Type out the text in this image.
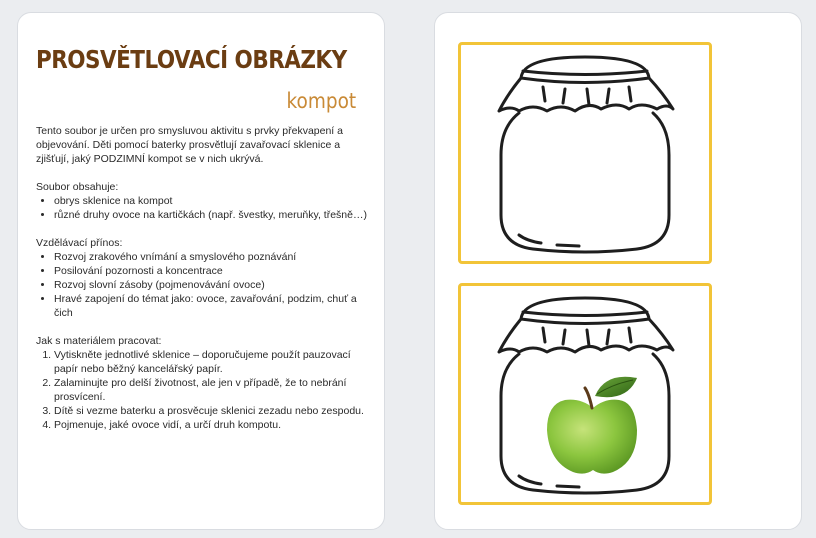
PROSVĚTLOVACÍ OBRÁZKY
kompot

Tento soubor je určen pro smysluvou aktivitu s prvky překvapení a objevování. Děti pomocí baterky prosvětlují zavařovací sklenice a zjišťují, jaký PODZIMNÍ kompot se v nich ukrývá.

Soubor obsahuje:
• obrys sklenice na kompot
• různé druhy ovoce na kartičkách (např. švestky, meruňky, třešně…)
Vzdělávací přínos:
• Rozvoj zrakového vnímání a smyslového poznávání
• Posilování pozornosti a koncentrace
• Rozvoj slovní zásoby (pojmenovávání ovoce)
• Hravé zapojení do témat jako: ovoce, zavařování, podzim, chuť a čich
Jak s materiálem pracovat:
1. Vytiskněte jednotlivé sklenice – doporučujeme použít pauzovací papír nebo běžný kancelářský papír.
2. Zalaminujte pro delší životnost, ale jen v případě, že to nebrání prosvícení.
3. Dítě si vezme baterku a prosvěcuje sklenici zezadu nebo zespodu.
4. Pojmenuje, jaké ovoce vidí, a určí druh kompotu.
